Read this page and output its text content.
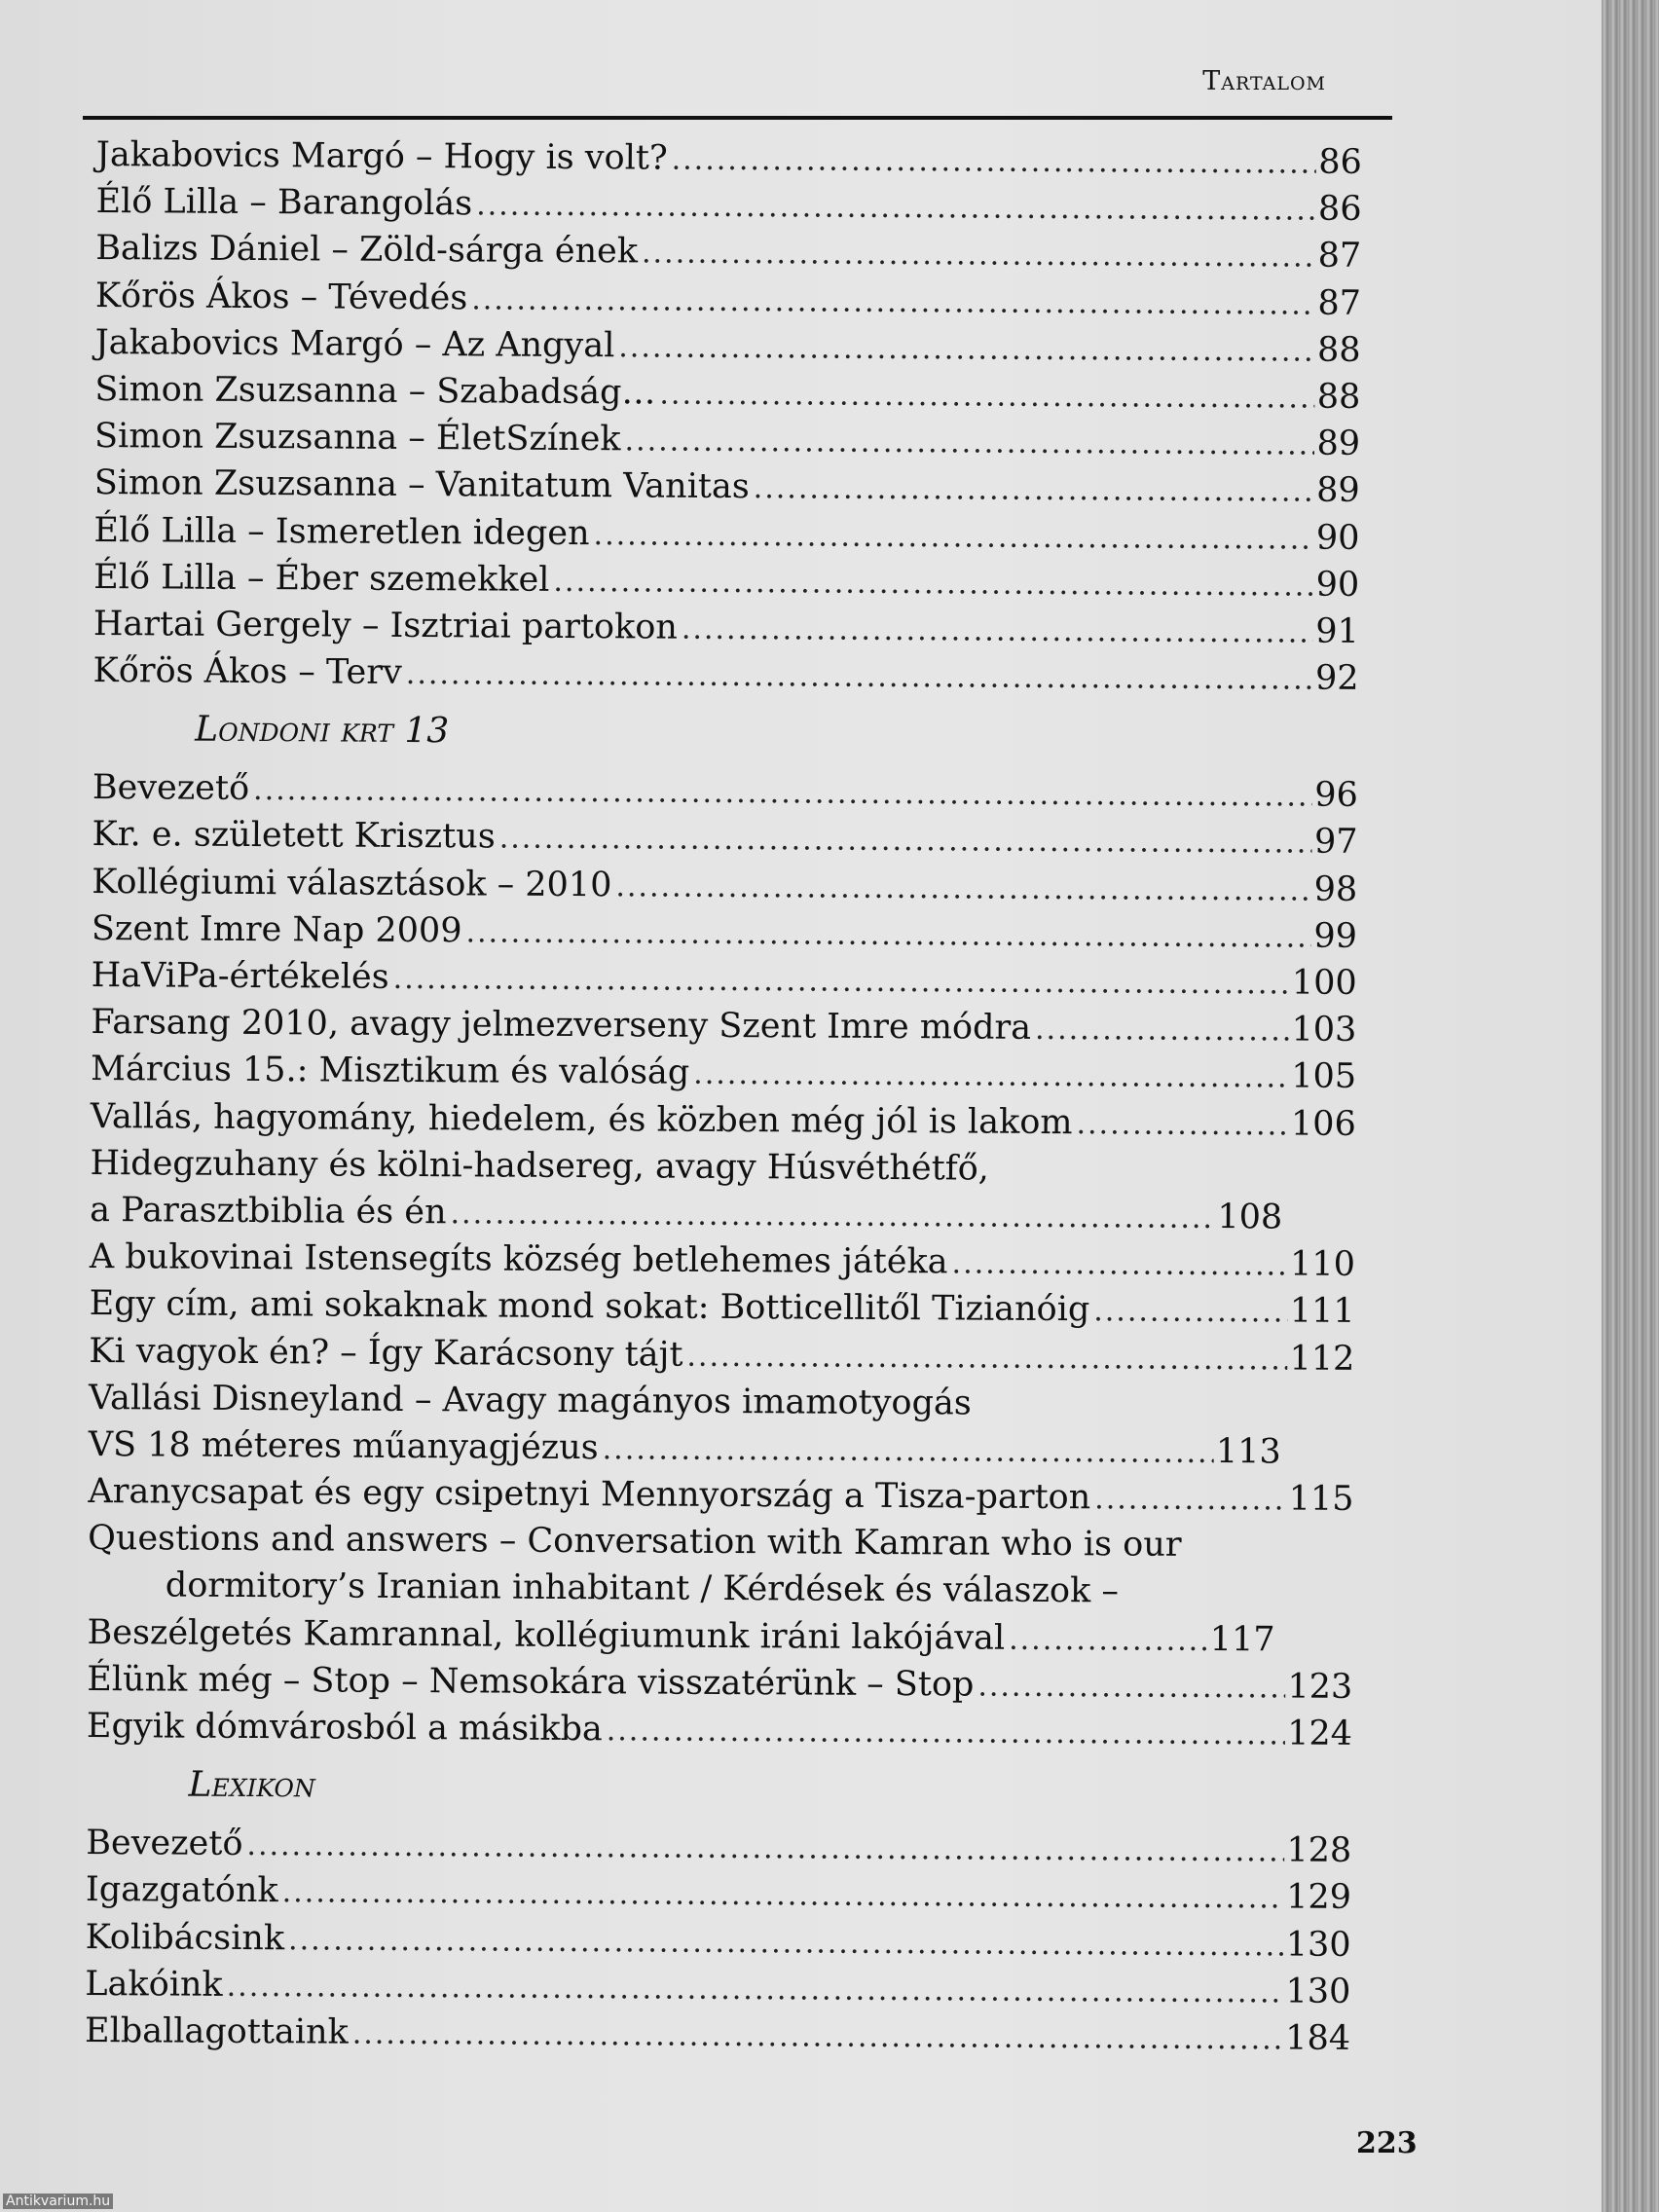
Tartalom
Jakabovics Margó – Hogy is volt? .....	86
Élő Lilla – Barangolás .....	86
Balizs Dániel – Zöld-sárga ének .....	87
Kőrös Ákos – Tévedés .....	87
Jakabovics Margó – Az Angyal .....	88
Simon Zsuzsanna – Szabadság… .....	88
Simon Zsuzsanna – ÉletSzínek .....	89
Simon Zsuzsanna – Vanitatum Vanitas .....	89
Élő Lilla – Ismeretlen idegen .....	90
Élő Lilla – Éber szemekkel .....	90
Hartai Gergely – Isztriai partokon .....	91
Kőrös Ákos – Terv .....	92
Londoni krt 13
Bevezető .....	96
Kr. e. született Krisztus .....	97
Kollégiumi választások – 2010 .....	98
Szent Imre Nap 2009 .....	99
HaViPa-értékelés .....	100
Farsang 2010, avagy jelmezverseny Szent Imre módra .....	103
Március 15.: Misztikum és valóság .....	105
Vallás, hagyomány, hiedelem, és közben még jól is lakom .....	106
Hidegzuhany és kölni-hadsereg, avagy Húsvéthétfő,
a Parasztbiblia és én .....	108
A bukovinai Istensegíts község betlehemes játéka .....	110
Egy cím, ami sokaknak mond sokat: Botticellitől Tizianóig .....	111
Ki vagyok én? – Így Karácsony tájt .....	112
Vallási Disneyland – Avagy magányos imamotyogás
VS 18 méteres műanyagjézus .....	113
Aranycsapat és egy csipetnyi Mennyország a Tisza-parton .....	115
Questions and answers – Conversation with Kamran who is our
dormitory’s Iranian inhabitant / Kérdések és válaszok –
Beszélgetés Kamrannal, kollégiumunk iráni lakójával .....	117
Élünk még – Stop – Nemsokára visszatérünk – Stop .....	123
Egyik dómvárosból a másikba .....	124
Lexikon
Bevezető .....	128
Igazgatónk .....	129
Kolibácsink .....	130
Lakóink .....	130
Elballagottaink .....	184
223
Antikvarium.hu
